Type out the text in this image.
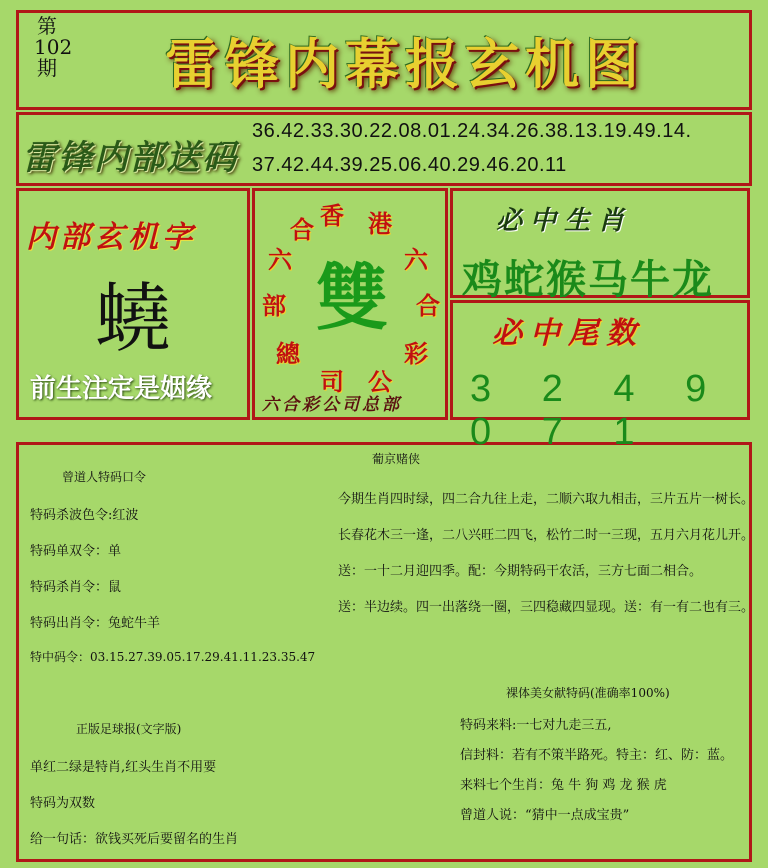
第102期	雷锋内幕报玄机图
雷锋内部送码
36.42.33.30.22.08.01.24.34.26.38.13.19.49.14.
37.42.44.39.25.06.40.29.46.20.11
内部玄机字
蟯
前生注定是姻缘
雙
香 港
六
合
彩
公
司
總
部
六
合
六合彩公司总部
必中生肖
鸡蛇猴马牛龙
必中尾数
3 2 4 9 0 7 1
曾道人特码口令
特码杀波色令:红波
特码单双令：单
特码杀肖令：鼠
特码出肖令：兔蛇牛羊
特中码令：03.15.27.39.05.17.29.41.11.23.35.47
正版足球报(文字版)
单红二绿是特肖,红头生肖不用要
特码为双数
给一句话：欲钱买死后要留名的生肖
葡京赌侠
今期生肖四时绿，四二合九往上走，二顺六取九相击，三片五片一树长。
长春花木三一逢，二八兴旺二四飞，松竹二时一三现，五月六月花儿开。
送：一十二月迎四季。配：今期特码干农活，三方七面二相合。
送：半边续。四一出落绕一圈，三四稳藏四显现。送：有一有二也有三。
裸体美女献特码(准确率100%)
特码来料:一七对九走三五,
信封料：若有不策半路死。特主：红、防：蓝。
来料七个生肖：兔 牛 狗 鸡 龙 猴 虎
曾道人说：“猜中一点成宝贵”
